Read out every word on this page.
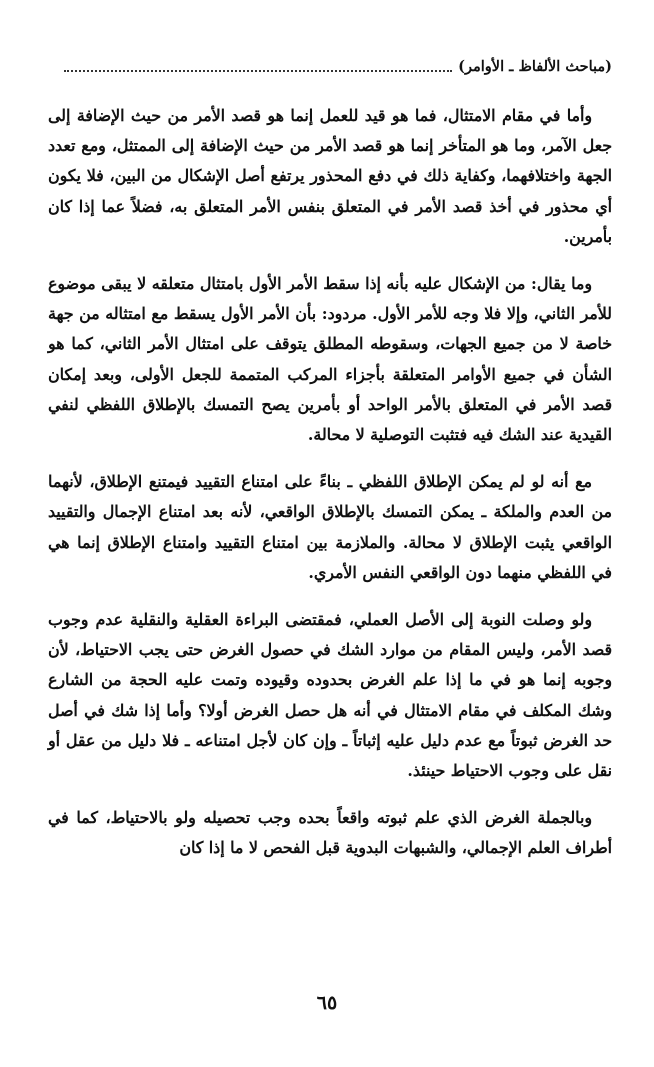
(مباحث الألفاظ ـ الأوامر)

وأما في مقام الامتثال، فما هو قيد للعمل إنما هو قصد الأمر من حيث الإضافة إلى جعل الآمر، وما هو المتأخر إنما هو قصد الأمر من حيث الإضافة إلى الممتثل، ومع تعدد الجهة واختلافهما، وكفاية ذلك في دفع المحذور يرتفع أصل الإشكال من البين، فلا يكون أي محذور في أخذ قصد الأمر في المتعلق بنفس الأمر المتعلق به، فضلاً عما إذا كان بأمرين.

وما يقال: من الإشكال عليه بأنه إذا سقط الأمر الأول بامتثال متعلقه لا يبقى موضوع للأمر الثاني، وإلا فلا وجه للأمر الأول. مردود: بأن الأمر الأول يسقط مع امتثاله من جهة خاصة لا من جميع الجهات، وسقوطه المطلق يتوقف على امتثال الأمر الثاني، كما هو الشأن في جميع الأوامر المتعلقة بأجزاء المركب المتممة للجعل الأولى، وبعد إمكان قصد الأمر في المتعلق بالأمر الواحد أو بأمرين يصح التمسك بالإطلاق اللفظي لنفي القيدية عند الشك فيه فتثبت التوصلية لا محالة.

مع أنه لو لم يمكن الإطلاق اللفظي ـ بناءً على امتناع التقييد فيمتنع الإطلاق، لأنهما من العدم والملكة ـ يمكن التمسك بالإطلاق الواقعي، لأنه بعد امتناع الإجمال والتقييد الواقعي يثبت الإطلاق لا محالة. والملازمة بين امتناع التقييد وامتناع الإطلاق إنما هي في اللفظي منهما دون الواقعي النفس الأمري.

ولو وصلت النوبة إلى الأصل العملي، فمقتضى البراءة العقلية والنقلية عدم وجوب قصد الأمر، وليس المقام من موارد الشك في حصول الغرض حتى يجب الاحتياط، لأن وجوبه إنما هو في ما إذا علم الغرض بحدوده وقيوده وتمت عليه الحجة من الشارع وشك المكلف في مقام الامتثال في أنه هل حصل الغرض أولا؟ وأما إذا شك في أصل حد الغرض ثبوتاً مع عدم دليل عليه إثباتاً ـ وإن كان لأجل امتناعه ـ فلا دليل من عقل أو نقل على وجوب الاحتياط حينئذ.

وبالجملة الغرض الذي علم ثبوته واقعاً بحده وجب تحصيله ولو بالاحتياط، كما في أطراف العلم الإجمالي، والشبهات البدوية قبل الفحص لا ما إذا كان

٦٥
